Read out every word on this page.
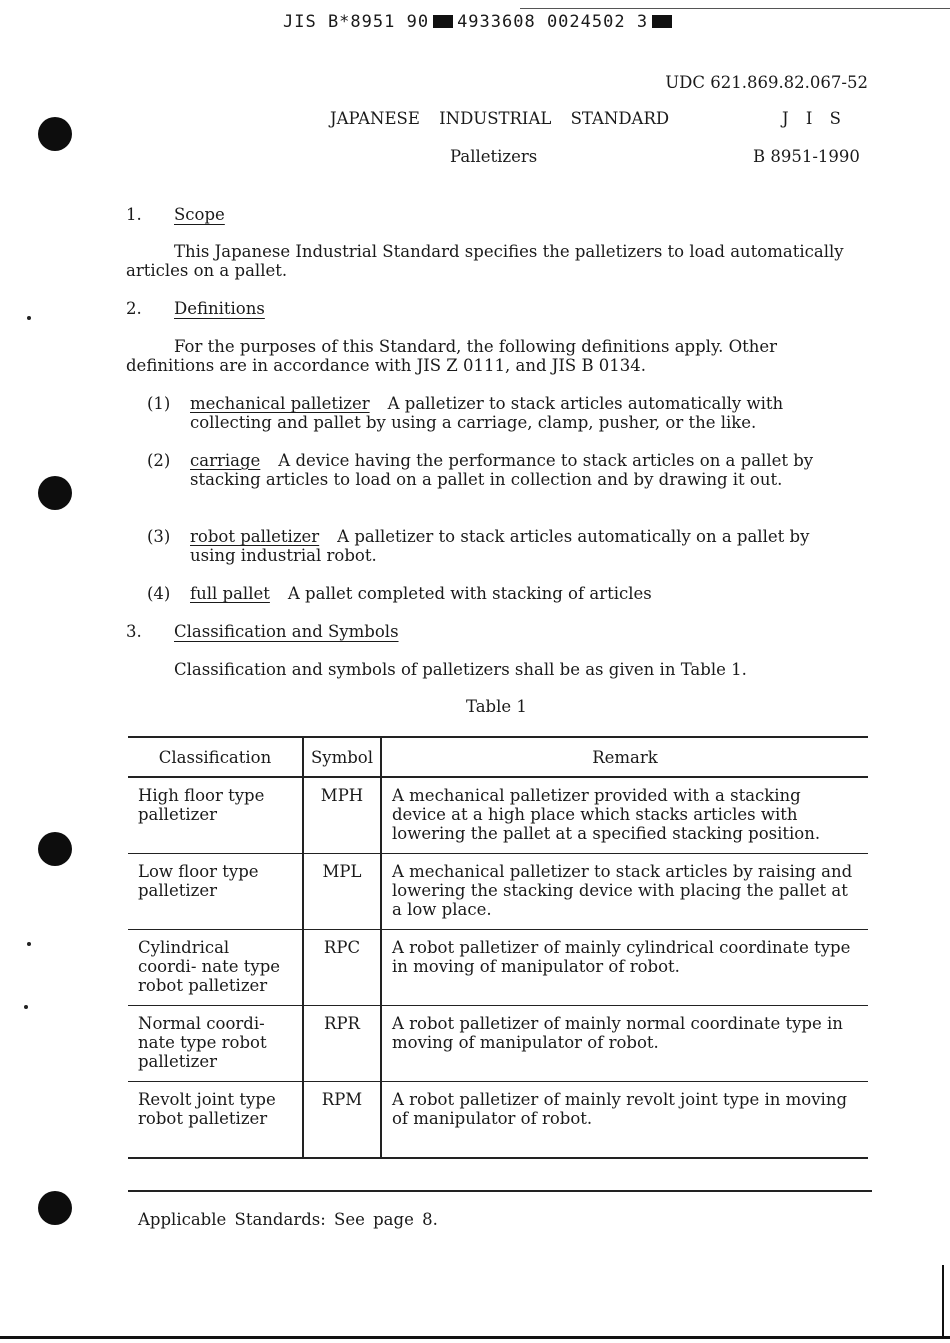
JIS B*8951 90 4933608 0024502 3
UDC 621.869.82.067-52
JAPANESE INDUSTRIAL STANDARD	J I S
Palletizers	B 8951-1990
1. Scope
This Japanese Industrial Standard specifies the palletizers to load automatically articles on a pallet.
2. Definitions
For the purposes of this Standard, the following definitions apply. Other definitions are in accordance with JIS Z 0111, and JIS B 0134.
(1) mechanical palletizer A palletizer to stack articles automatically with collecting and pallet by using a carriage, clamp, pusher, or the like.
(2) carriage A device having the performance to stack articles on a pallet by stacking articles to load on a pallet in collection and by drawing it out.
(3) robot palletizer A palletizer to stack articles automatically on a pallet by using industrial robot.
(4) full pallet A pallet completed with stacking of articles
3. Classification and Symbols
Classification and symbols of palletizers shall be as given in Table 1.
Table 1
Classification	Symbol	Remark
High floor type palletizer	MPH	A mechanical palletizer provided with a stacking device at a high place which stacks articles with lowering the pallet at a specified stacking position.
Low floor type palletizer	MPL	A mechanical palletizer to stack articles by raising and lowering the stacking device with placing the pallet at a low place.
Cylindrical coordi- nate type robot palletizer	RPC	A robot palletizer of mainly cylindrical coordinate type in moving of manipulator of robot.
Normal coordi- nate type robot palletizer	RPR	A robot palletizer of mainly normal coordinate type in moving of manipulator of robot.
Revolt joint type robot palletizer	RPM	A robot palletizer of mainly revolt joint type in moving of manipulator of robot.
Applicable Standards: See page 8.
